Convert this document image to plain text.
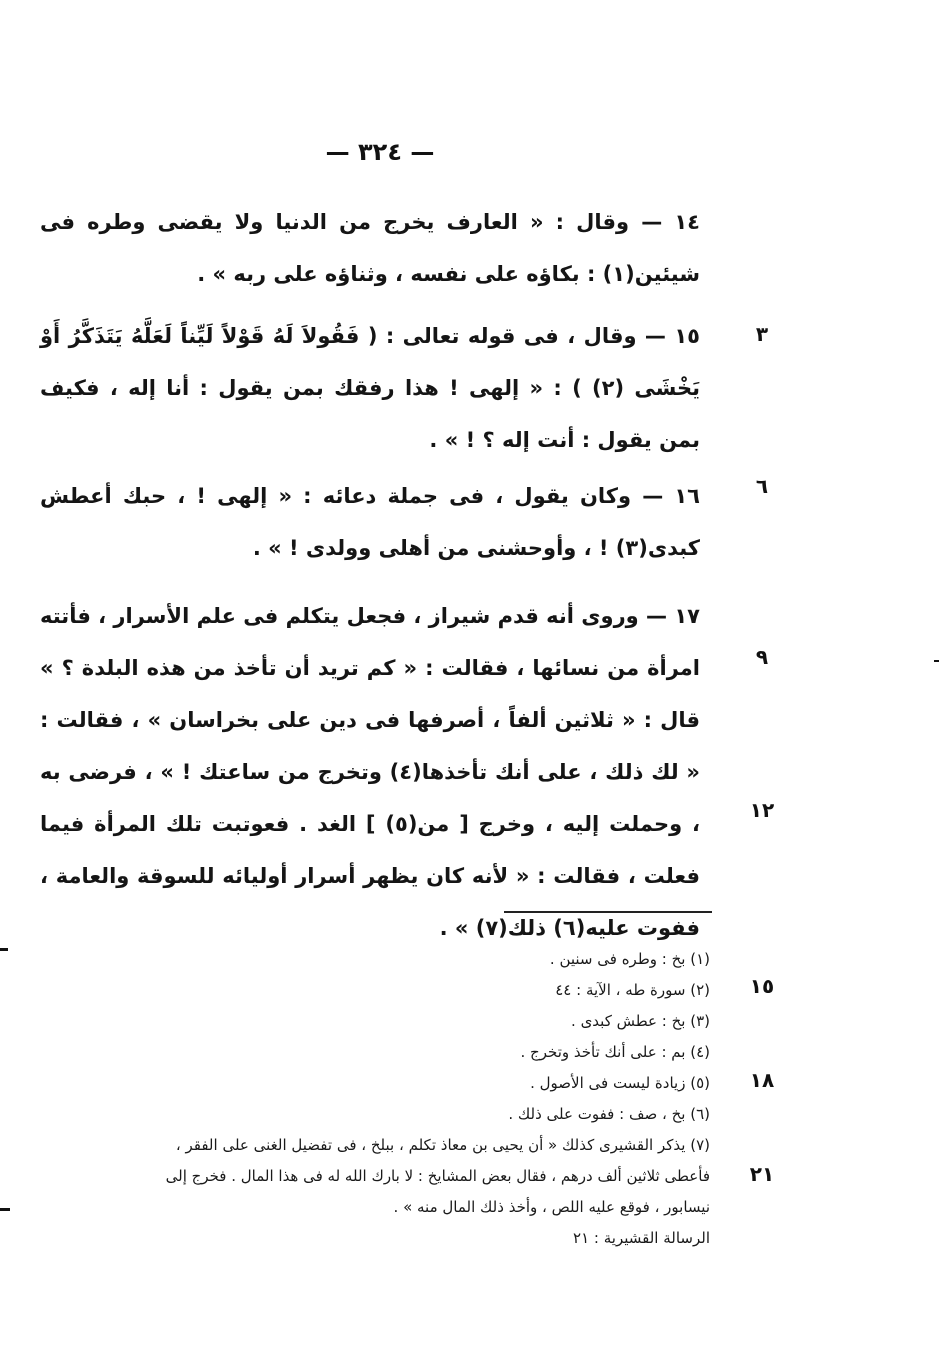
— ٣٢٤ —
١٤ — وقال : « العارف يخرج من الدنيا ولا يقضى وطره فى شيئين(١) : بكاؤه على نفسه ، وثناؤه على ربه » .
١٥ — وقال ، فى قوله تعالى : ( فَقُولاَ لَهُ قَوْلاً لَيِّناً لَعَلَّهُ يَتَذَكَّرُ أَوْ يَخْشَى (٢) ) : « إلهى ! هذا رفقك بمن يقول : أنا إله ، فكيف بمن يقول : أنت إله ؟ ! » .
١٦ — وكان يقول ، فى جملة دعائه : « إلهى ! ، حبك أعطش كبدى(٣) ! ، وأوحشنى من أهلى وولدى ! » .
١٧ — وروى أنه قدم شيراز ، فجعل يتكلم فى علم الأسرار ، فأتته امرأة من نسائها ، فقالت : « كم تريد أن تأخذ من هذه البلدة ؟ » قال : « ثلاثين ألفاً ، أصرفها فى دين على بخراسان » ، فقالت : « لك ذلك ، على أنك تأخذها(٤) وتخرج من ساعتك ! » ، فرضى به ، وحملت إليه ، وخرج [ من(٥) ] الغد . فعوتبت تلك المرأة فيما فعلت ، فقالت : « لأنه كان يظهر أسرار أوليائه للسوقة والعامة ، ففوت عليه(٦) ذلك(٧) » .
٣
٦
٩
١٢
١٥
١٨
٢١
(١) بخ : وطره فى سنين .
(٢) سورة طه ، الآية : ٤٤
(٣) بخ : عطش كبدى .
(٤) بم : على أنك تأخذ وتخرج .
(٥) زيادة ليست فى الأصول .
(٦) بخ ، صف : ففوت على ذلك .
(٧) يذكر القشيرى كذلك « أن يحيى بن معاذ تكلم ، ببلخ ، فى تفضيل الغنى على الفقر ،
فأعطى ثلاثين ألف درهم ، فقال بعض المشايخ : لا بارك الله له فى هذا المال . فخرج إلى
نيسابور ، فوقع عليه اللص ، وأخذ ذلك المال منه » .
الرسالة القشيرية : ٢١
